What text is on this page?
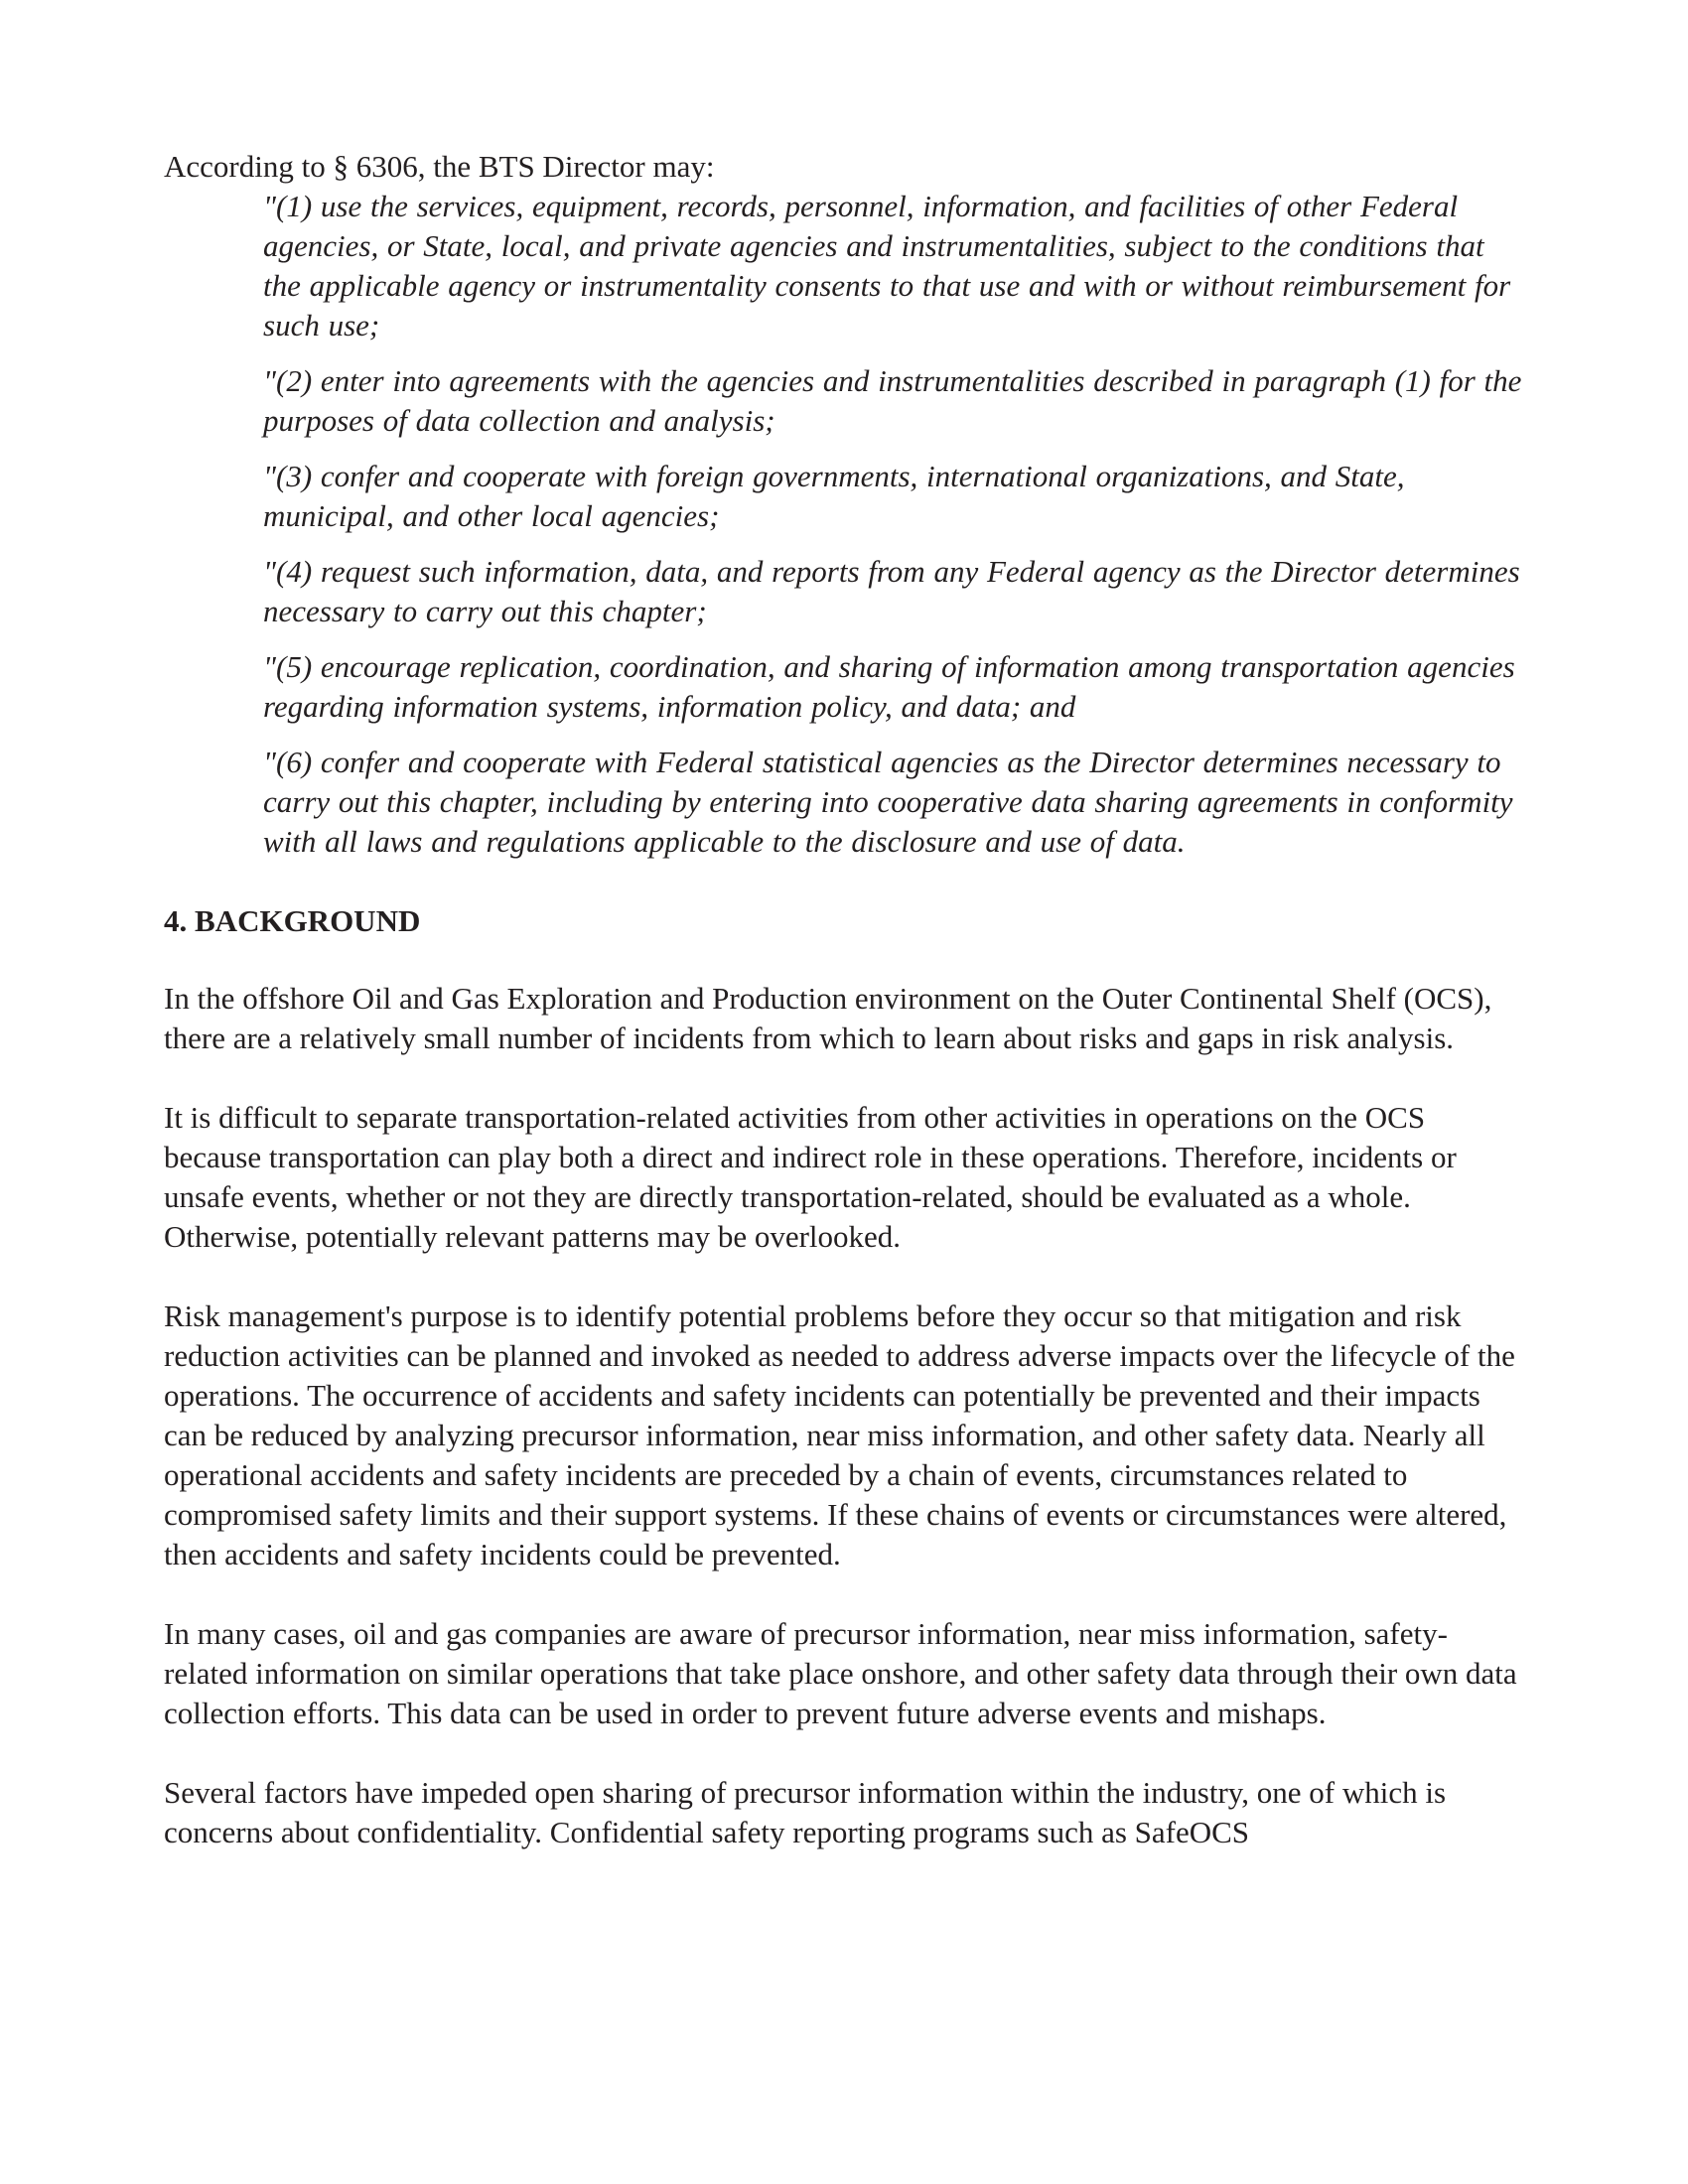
According to § 6306, the BTS Director may:

"(1) use the services, equipment, records, personnel, information, and facilities of other Federal agencies, or State, local, and private agencies and instrumentalities, subject to the conditions that the applicable agency or instrumentality consents to that use and with or without reimbursement for such use;
"(2) enter into agreements with the agencies and instrumentalities described in paragraph (1) for the purposes of data collection and analysis;
"(3) confer and cooperate with foreign governments, international organizations, and State, municipal, and other local agencies;
"(4) request such information, data, and reports from any Federal agency as the Director determines necessary to carry out this chapter;
"(5) encourage replication, coordination, and sharing of information among transportation agencies regarding information systems, information policy, and data; and
"(6) confer and cooperate with Federal statistical agencies as the Director determines necessary to carry out this chapter, including by entering into cooperative data sharing agreements in conformity with all laws and regulations applicable to the disclosure and use of data.
4. BACKGROUND

In the offshore Oil and Gas Exploration and Production environment on the Outer Continental Shelf (OCS), there are a relatively small number of incidents from which to learn about risks and gaps in risk analysis.

It is difficult to separate transportation-related activities from other activities in operations on the OCS because transportation can play both a direct and indirect role in these operations. Therefore, incidents or unsafe events, whether or not they are directly transportation-related, should be evaluated as a whole. Otherwise, potentially relevant patterns may be overlooked.

Risk management's purpose is to identify potential problems before they occur so that mitigation and risk reduction activities can be planned and invoked as needed to address adverse impacts over the lifecycle of the operations. The occurrence of accidents and safety incidents can potentially be prevented and their impacts can be reduced by analyzing precursor information, near miss information, and other safety data. Nearly all operational accidents and safety incidents are preceded by a chain of events, circumstances related to compromised safety limits and their support systems. If these chains of events or circumstances were altered, then accidents and safety incidents could be prevented.

In many cases, oil and gas companies are aware of precursor information, near miss information, safety-related information on similar operations that take place onshore, and other safety data through their own data collection efforts. This data can be used in order to prevent future adverse events and mishaps.

Several factors have impeded open sharing of precursor information within the industry, one of which is concerns about confidentiality. Confidential safety reporting programs such as SafeOCS
